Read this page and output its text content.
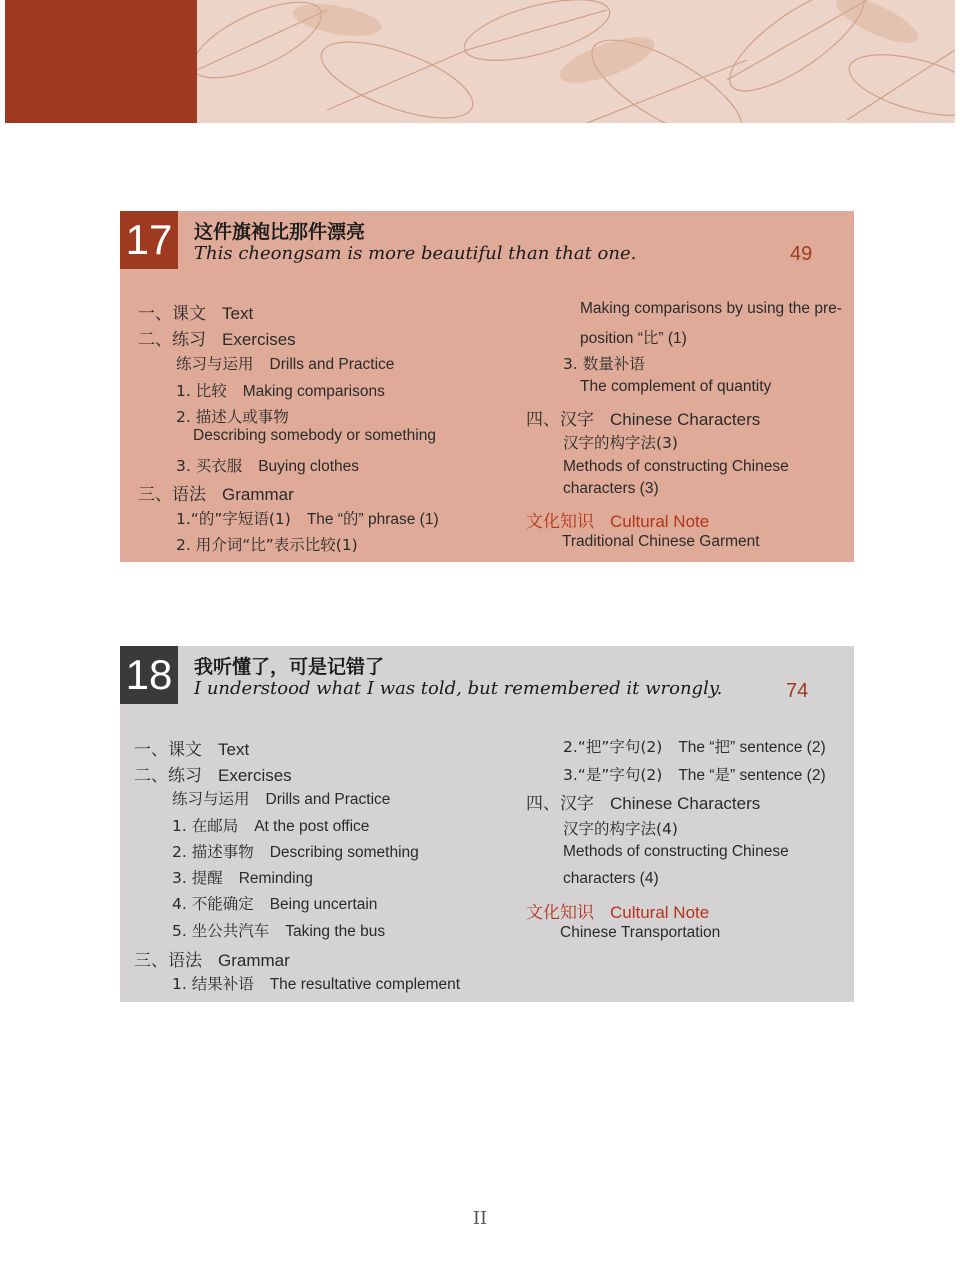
17 这件旗袍比那件漂亮
This cheongsam is more beautiful than that one.	49
一、课文 Text
二、练习 Exercises
练习与运用 Drills and Practice
1. 比较 Making comparisons
2. 描述人或事物
Describing somebody or something
3. 买衣服 Buying clothes
三、语法 Grammar
1.“的”字短语(1) The “的” phrase (1)
2. 用介词“比”表示比较(1)
Making comparisons by using the pre-
position “比” (1)
3. 数量补语
The complement of quantity
四、汉字 Chinese Characters
汉字的构字法(3)
Methods of constructing Chinese
characters (3)
文化知识 Cultural Note
Traditional Chinese Garment
18 我听懂了，可是记错了
I understood what I was told, but remembered it wrongly.	74
一、课文 Text
二、练习 Exercises
练习与运用 Drills and Practice
1. 在邮局 At the post office
2. 描述事物 Describing something
3. 提醒 Reminding
4. 不能确定 Being uncertain
5. 坐公共汽车 Taking the bus
三、语法 Grammar
1. 结果补语 The resultative complement
2.“把”字句(2) The “把” sentence (2)
3.“是”字句(2) The “是” sentence (2)
四、汉字 Chinese Characters
汉字的构字法(4)
Methods of constructing Chinese
characters (4)
文化知识 Cultural Note
Chinese Transportation
II
